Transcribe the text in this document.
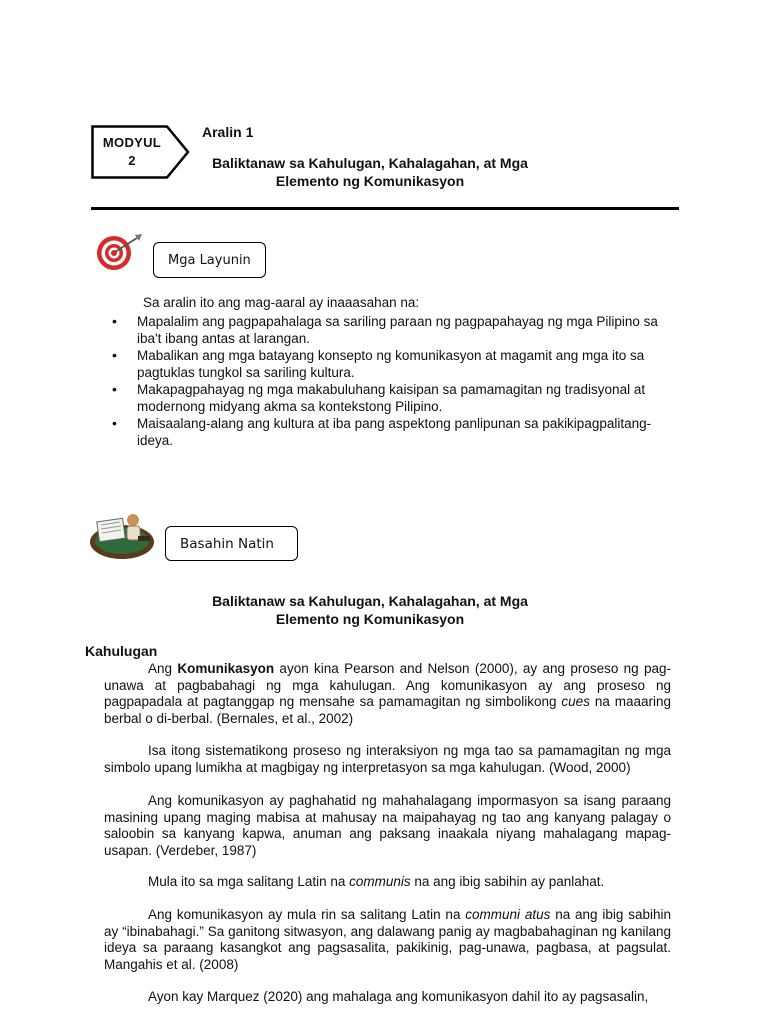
MODYUL
2
Aralin 1
Baliktanaw sa Kahulugan, Kahalagahan, at Mga
Elemento ng Komunikasyon
Mga Layunin
Sa aralin ito ang mag-aaral ay inaaasahan na:
• Mapalalim ang pagpapahalaga sa sariling paraan ng pagpapahayag ng mga Pilipino sa iba't ibang antas at larangan.
• Mabalikan ang mga batayang konsepto ng komunikasyon at magamit ang mga ito sa pagtuklas tungkol sa sariling kultura.
• Makapagpahayag ng mga makabuluhang kaisipan sa pamamagitan ng tradisyonal at modernong midyang akma sa kontekstong Pilipino.
• Maisaalang-alang ang kultura at iba pang aspektong panlipunan sa pakikipagpalitang-ideya.
Basahin Natin
Baliktanaw sa Kahulugan, Kahalagahan, at Mga
Elemento ng Komunikasyon
Kahulugan

Ang Komunikasyon ayon kina Pearson and Nelson (2000), ay ang proseso ng pag-unawa at pagbabahagi ng mga kahulugan. Ang komunikasyon ay ang proseso ng pagpapadala at pagtanggap ng mensahe sa pamamagitan ng simbolikong cues na maaaring berbal o di-berbal. (Bernales, et al., 2002)

Isa itong sistematikong proseso ng interaksiyon ng mga tao sa pamamagitan ng mga simbolo upang lumikha at magbigay ng interpretasyon sa mga kahulugan. (Wood, 2000)

Ang komunikasyon ay paghahatid ng mahahalagang impormasyon sa isang paraang masining upang maging mabisa at mahusay na maipahayag ng tao ang kanyang palagay o saloobin sa kanyang kapwa, anuman ang paksang inaakala niyang mahalagang mapag-usapan. (Verdeber, 1987)

Mula ito sa mga salitang Latin na communis na ang ibig sabihin ay panlahat.

Ang komunikasyon ay mula rin sa salitang Latin na communi atus na ang ibig sabihin ay “ibinabahagi.” Sa ganitong sitwasyon, ang dalawang panig ay magbabahaginan ng kanilang ideya sa paraang kasangkot ang pagsasalita, pakikinig, pag-unawa, pagbasa, at pagsulat. Mangahis et al. (2008)

Ayon kay Marquez (2020) ang mahalaga ang komunikasyon dahil ito ay pagsasalin,
